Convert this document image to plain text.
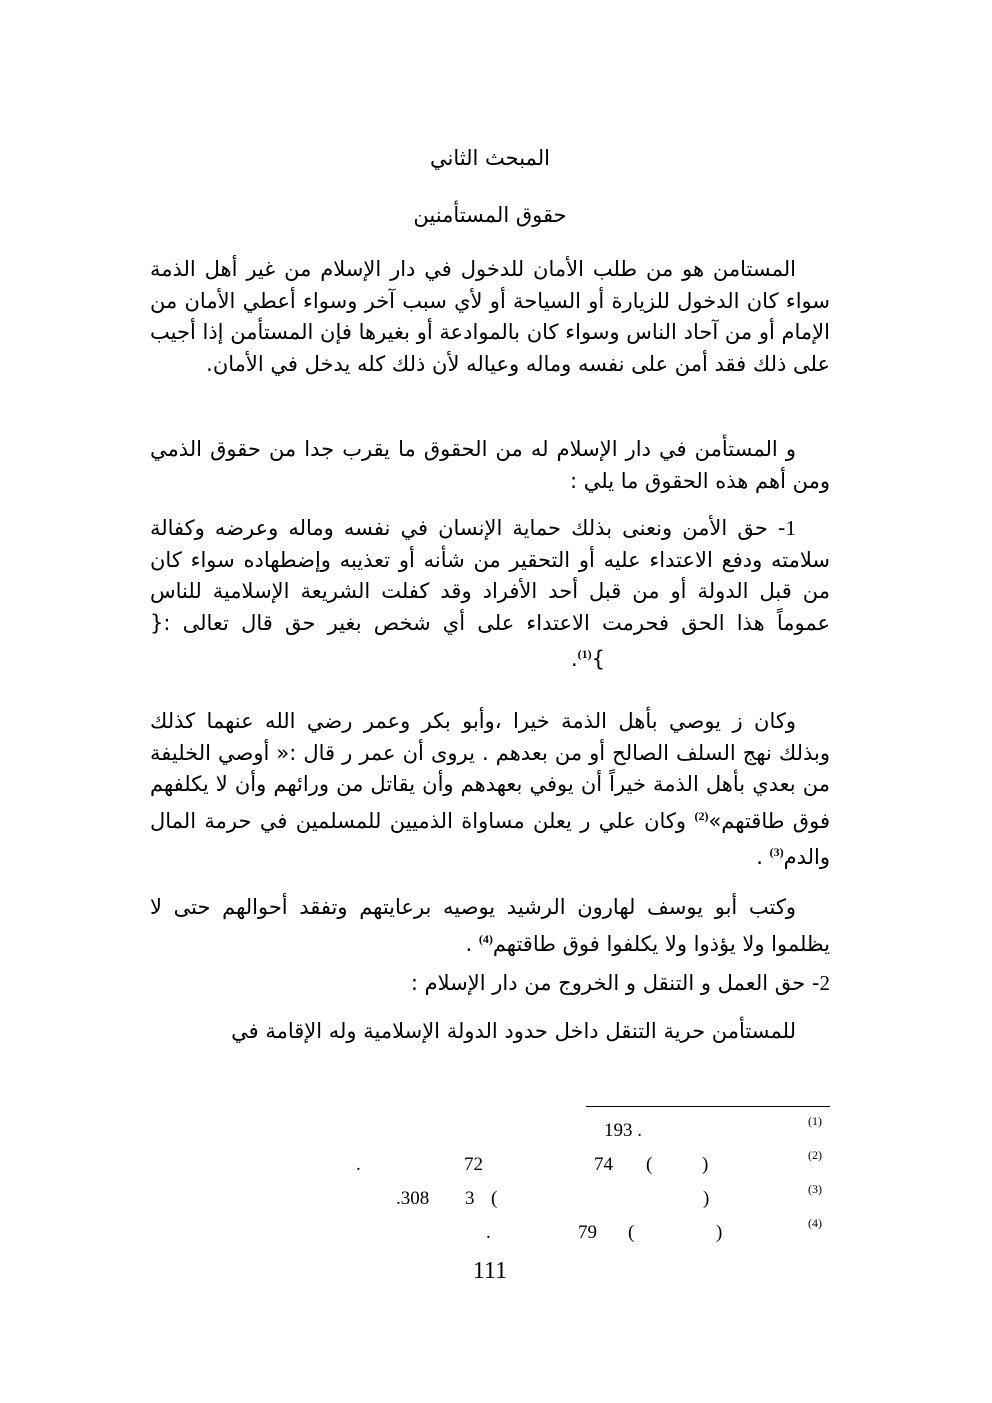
المبحث الثاني
حقوق المستأمنين

المستامن هو من طلب الأمان للدخول في دار الإسلام من غير أهل الذمة سواء كان الدخول للزيارة أو السياحة أو لأي سبب آخر وسواء أعطي الأمان من الإمام أو من آحاد الناس وسواء كان بالموادعة أو بغيرها فإن المستأمن إذا أجيب على ذلك فقد أمن على نفسه وماله وعياله لأن ذلك كله يدخل في الأمان.

و المستأمن في دار الإسلام له من الحقوق ما يقرب جدا من حقوق الذمي ومن أهم هذه الحقوق ما يلي :

1- حق الأمن ونعنى بذلك حماية الإنسان في نفسه وماله وعرضه وكفالة سلامته ودفع الاعتداء عليه أو التحقير من شأنه أو تعذيبه وإضطهاده سواء كان من قبل الدولة أو من قبل أحد الأفراد وقد كفلت الشريعة الإسلامية للناس عموماً هذا الحق فحرمت الاعتداء على أي شخص بغير حق قال تعالى :{}$^{(1)}$.

وكان ز يوصي بأهل الذمة خيرا ،وأبو بكر وعمر رضي الله عنهما كذلك وبذلك نهج السلف الصالح أو من بعدهم . يروى أن عمر ر قال :« أوصي الخليفة من بعدي بأهل الذمة خيراً أن يوفي بعهدهم وأن يقاتل من ورائهم وأن لا يكلفهم فوق طاقتهم»$^{(2)}$ وكان علي ر يعلن مساواة الذميين للمسلمين في حرمة المال والدم$^{(3)}$ .

وكتب أبو يوسف لهارون الرشيد يوصيه برعايتهم وتفقد أحوالهم حتى لا يظلموا ولا يؤذوا ولا يكلفوا فوق طاقتهم$^{(4)}$ .

2- حق العمل و التنقل و الخروج من دار الإسلام :

للمستأمن حرية التنقل داخل حدود الدولة الإسلامية وله الإقامة في

(1)
193 .
(2)
)
(
74
72
.
(3)
)
(
3
.308
(4)
)
(
79
.
111
